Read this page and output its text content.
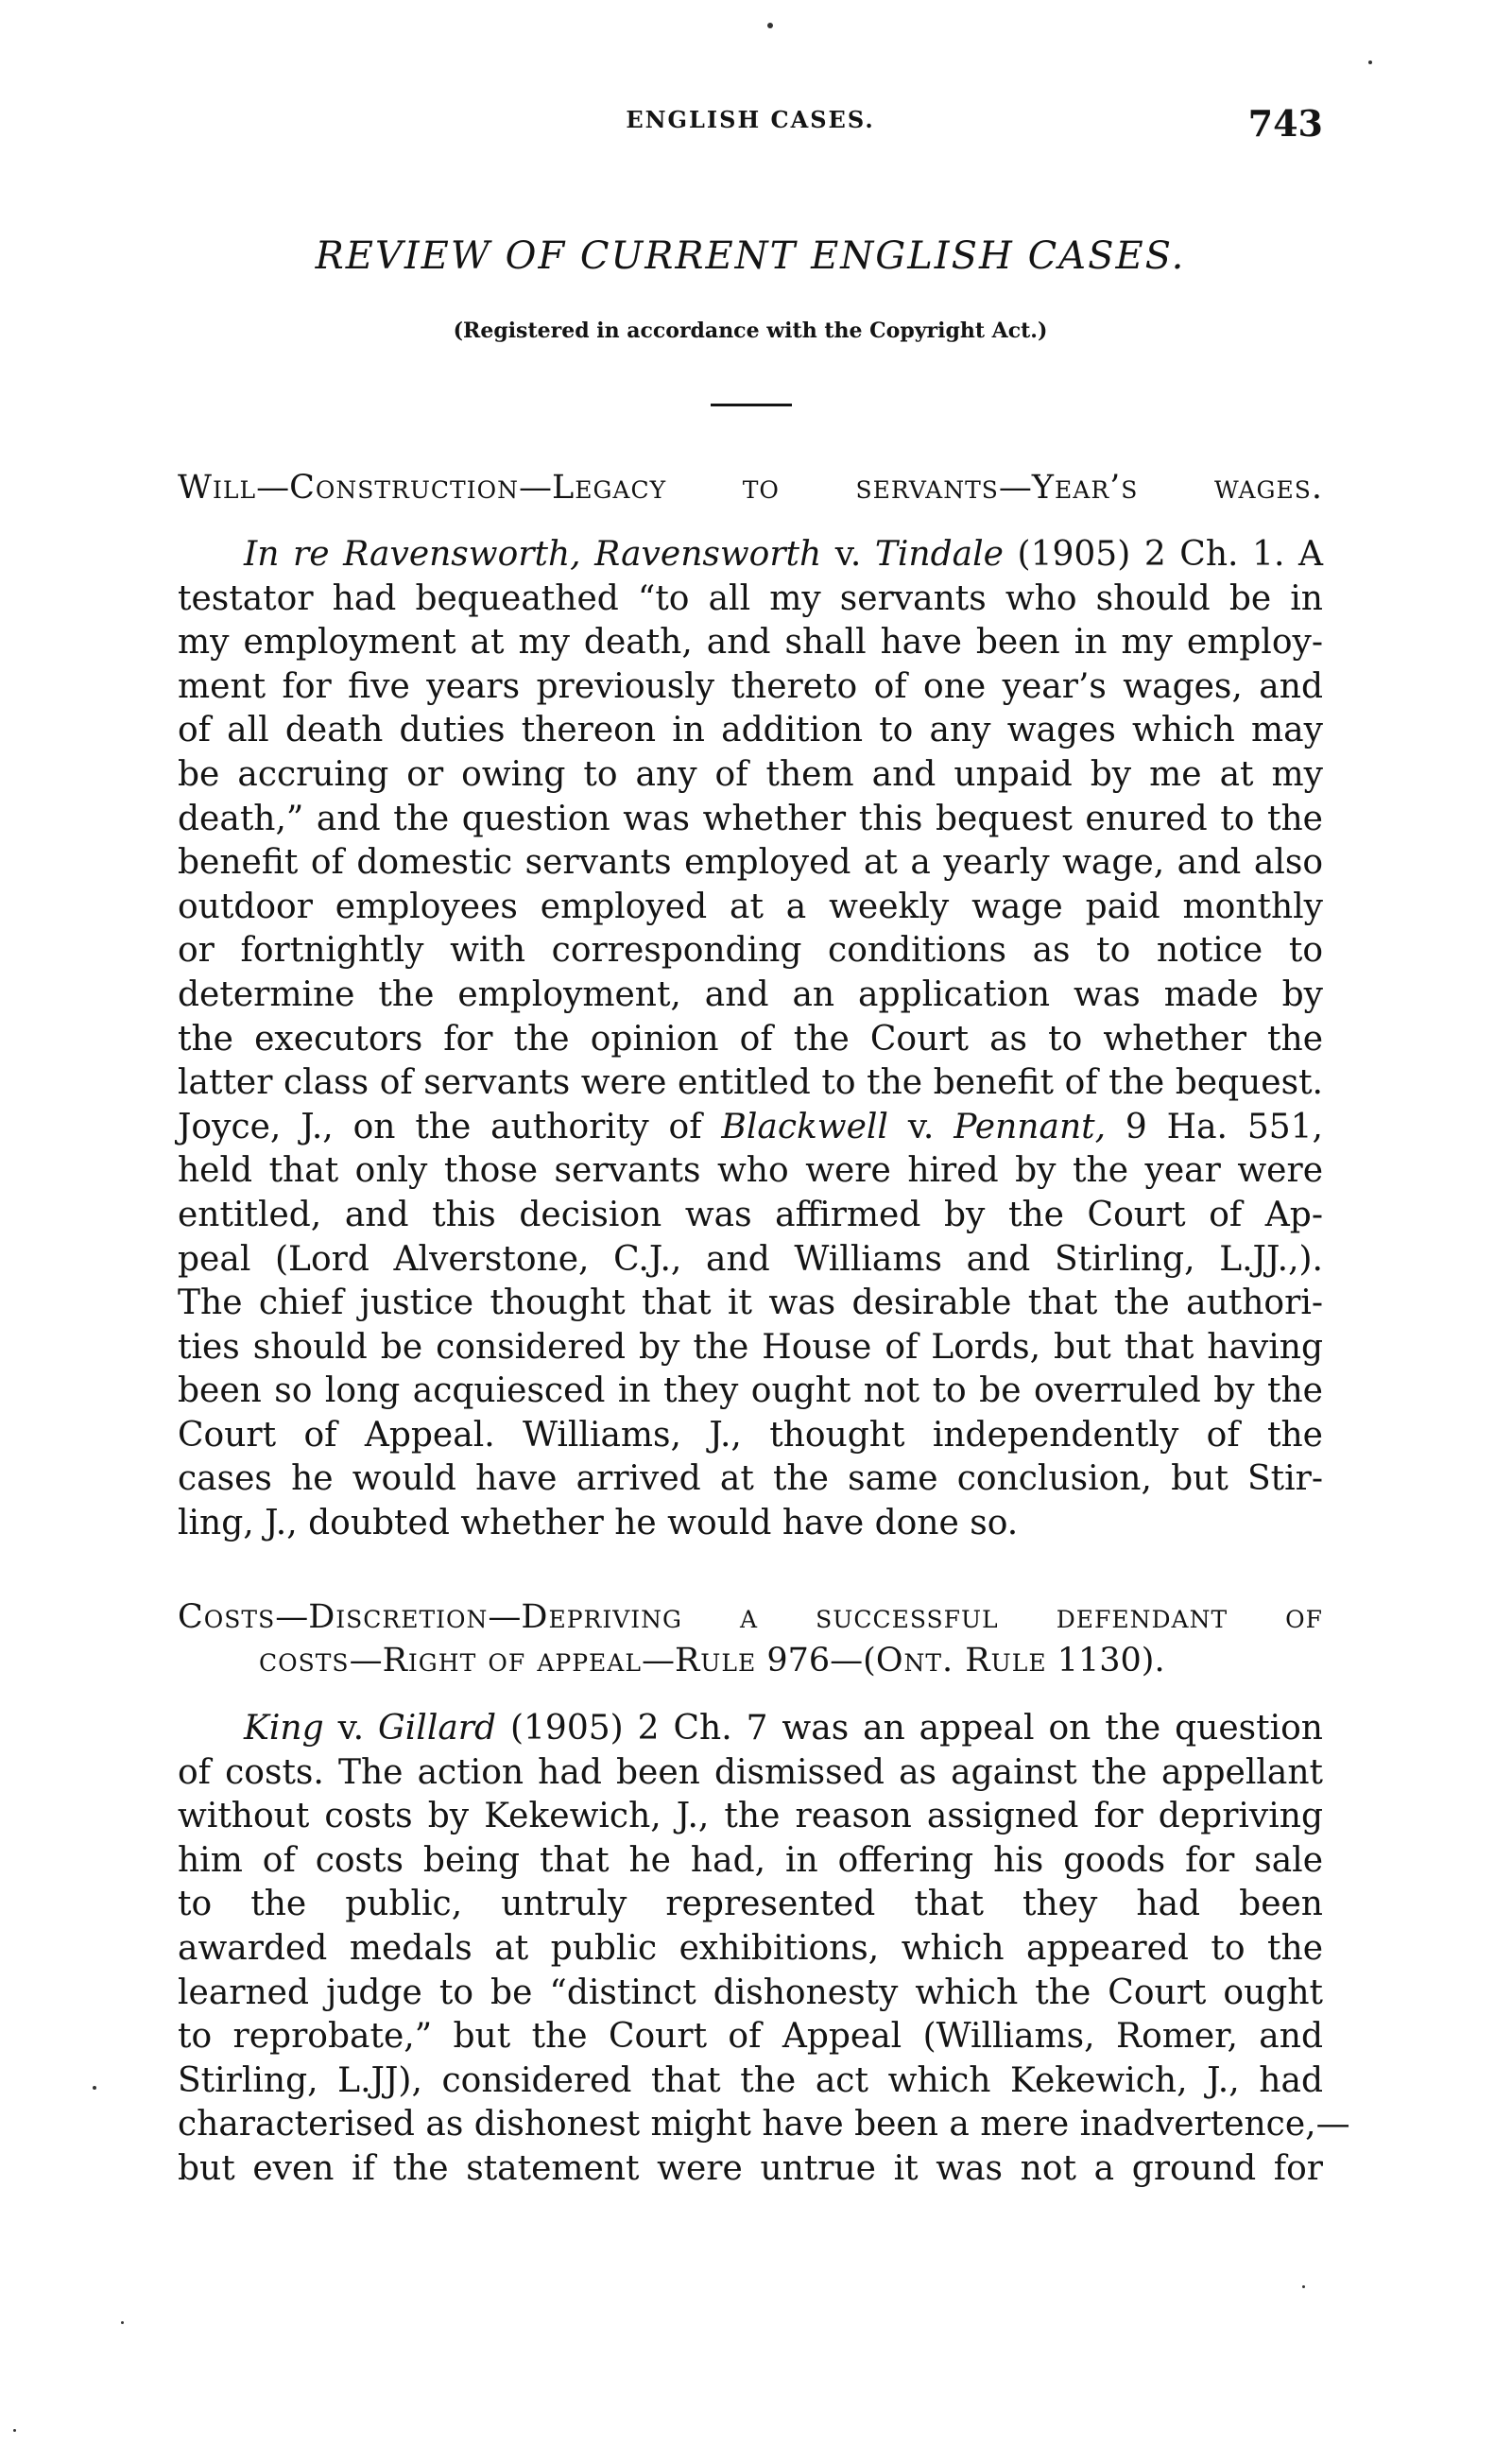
ENGLISH CASES.	743
REVIEW OF CURRENT ENGLISH CASES.
(Registered in accordance with the Copyright Act.)
Will—Construction—Legacy to servants—Year’s wages.
In re Ravensworth, Ravensworth v. Tindale (1905) 2 Ch. 1. A
testator had bequeathed “to all my servants who should be in
my employment at my death, and shall have been in my employ-
ment for five years previously thereto of one year’s wages, and
of all death duties thereon in addition to any wages which may
be accruing or owing to any of them and unpaid by me at my
death,” and the question was whether this bequest enured to the
benefit of domestic servants employed at a yearly wage, and also
outdoor employees employed at a weekly wage paid monthly
or fortnightly with corresponding conditions as to notice to
determine the employment, and an application was made by
the executors for the opinion of the Court as to whether the
latter class of servants were entitled to the benefit of the bequest.
Joyce, J., on the authority of Blackwell v. Pennant, 9 Ha. 551,
held that only those servants who were hired by the year were
entitled, and this decision was affirmed by the Court of Ap-
peal (Lord Alverstone, C.J., and Williams and Stirling, L.JJ.,).
The chief justice thought that it was desirable that the authori-
ties should be considered by the House of Lords, but that having
been so long acquiesced in they ought not to be overruled by the
Court of Appeal. Williams, J., thought independently of the
cases he would have arrived at the same conclusion, but Stir-
ling, J., doubted whether he would have done so.
Costs—Discretion—Depriving a successful defendant of
costs—Right of appeal—Rule 976—(Ont. Rule 1130).
King v. Gillard (1905) 2 Ch. 7 was an appeal on the question
of costs. The action had been dismissed as against the appellant
without costs by Kekewich, J., the reason assigned for depriving
him of costs being that he had, in offering his goods for sale
to the public, untruly represented that they had been
awarded medals at public exhibitions, which appeared to the
learned judge to be “distinct dishonesty which the Court ought
to reprobate,” but the Court of Appeal (Williams, Romer, and
Stirling, L.JJ), considered that the act which Kekewich, J., had
characterised as dishonest might have been a mere inadvertence,—
but even if the statement were untrue it was not a ground for
